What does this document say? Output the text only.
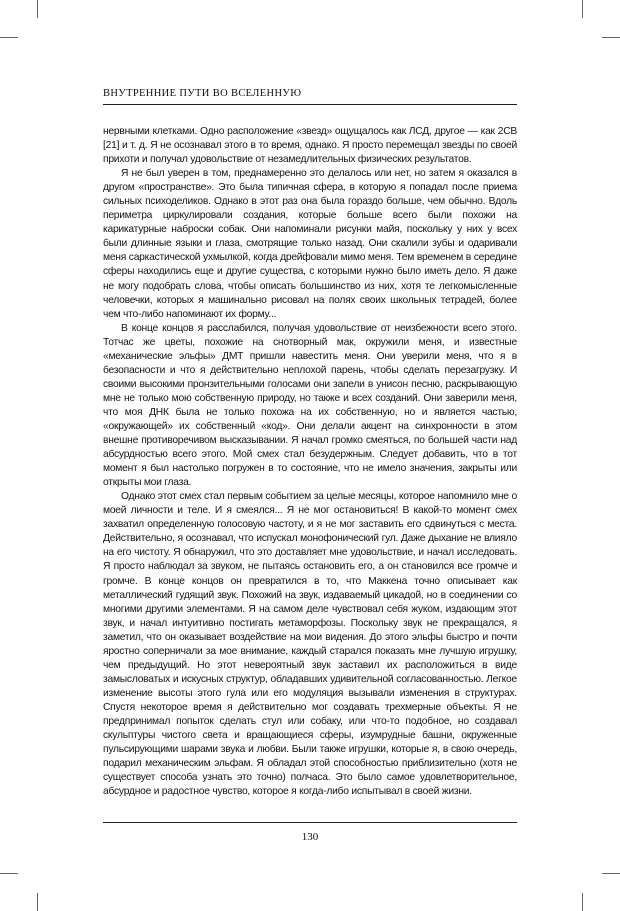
ВНУТРЕННИЕ ПУТИ ВО ВСЕЛЕННУЮ

нервными клетками. Одно расположение «звезд» ощущалось как ЛСД, другое — как 2СВ [21] и т. д. Я не осознавал этого в то время, однако. Я просто перемещал звезды по своей прихоти и получал удовольствие от незамедлительных физических результатов.

Я не был уверен в том, преднамеренно это делалось или нет, но затем я оказался в другом «пространстве». Это была типичная сфера, в которую я попадал после приема сильных психоделиков. Однако в этот раз она была гораздо больше, чем обычно. Вдоль периметра циркулировали создания, которые больше всего были похожи на карикатурные наброски собак. Они напоминали рисунки майя, поскольку у них у всех были длинные языки и глаза, смотрящие только назад. Они скалили зубы и одаривали меня саркастической ухмылкой, когда дрейфовали мимо меня. Тем временем в середине сферы находились еще и другие существа, с которыми нужно было иметь дело. Я даже не могу подобрать слова, чтобы описать большинство из них, хотя те легкомысленные человечки, которых я машинально рисовал на полях своих школьных тетрадей, более чем что-либо напоминают их форму...

В конце концов я расслабился, получая удовольствие от неизбежности всего этого. Тотчас же цветы, похожие на снотворный мак, окружили меня, и известные «механические эльфы» ДМТ пришли навестить меня. Они уверили меня, что я в безопасности и что я действительно неплохой парень, чтобы сделать перезагрузку. И своими высокими пронзительными голосами они запели в унисон песню, раскрывающую мне не только мою собственную природу, но также и всех созданий. Они заверили меня, что моя ДНК была не только похожа на их собственную, но и является частью, «окружающей» их собственный «код». Они делали акцент на синхронности в этом внешне противоречивом высказывании. Я начал громко смеяться, по большей части над абсурдностью всего этого. Мой смех стал безудержным. Следует добавить, что в тот момент я был настолько погружен в то состояние, что не имело значения, закрыты или открыты мои глаза.

Однако этот смех стал первым событием за целые месяцы, которое напомнило мне о моей личности и теле. И я смеялся... Я не мог остановиться! В какой-то момент смех захватил определенную голосовую частоту, и я не мог заставить его сдвинуться с места. Действительно, я осознавал, что испускал монофонический гул. Даже дыхание не влияло на его чистоту. Я обнаружил, что это доставляет мне удовольствие, и начал исследовать. Я просто наблюдал за звуком, не пытаясь остановить его, а он становился все громче и громче. В конце концов он превратился в то, что Маккена точно описывает как металлический гудящий звук. Похожий на звук, издаваемый цикадой, но в соединении со многими другими элементами. Я на самом деле чувствовал себя жуком, издающим этот звук, и начал интуитивно постигать метаморфозы. Поскольку звук не прекращался, я заметил, что он оказывает воздействие на мои видения. До этого эльфы быстро и почти яростно соперничали за мое внимание, каждый старался показать мне лучшую игрушку, чем предыдущий. Но этот невероятный звук заставил их расположиться в виде замысловатых и искусных структур, обладавших удивительной согласованностью. Легкое изменение высоты этого гула или его модуляция вызывали изменения в структурах. Спустя некоторое время я действительно мог создавать трехмерные объекты. Я не предпринимал попыток сделать стул или собаку, или что-то подобное, но создавал скульптуры чистого света и вращающиеся сферы, изумрудные башни, окруженные пульсирующими шарами звука и любви. Были также игрушки, которые я, в свою очередь, подарил механическим эльфам. Я обладал этой способностью приблизительно (хотя не существует способа узнать это точно) полчаса. Это было самое удовлетворительное, абсурдное и радостное чувство, которое я когда-либо испытывал в своей жизни.

130
